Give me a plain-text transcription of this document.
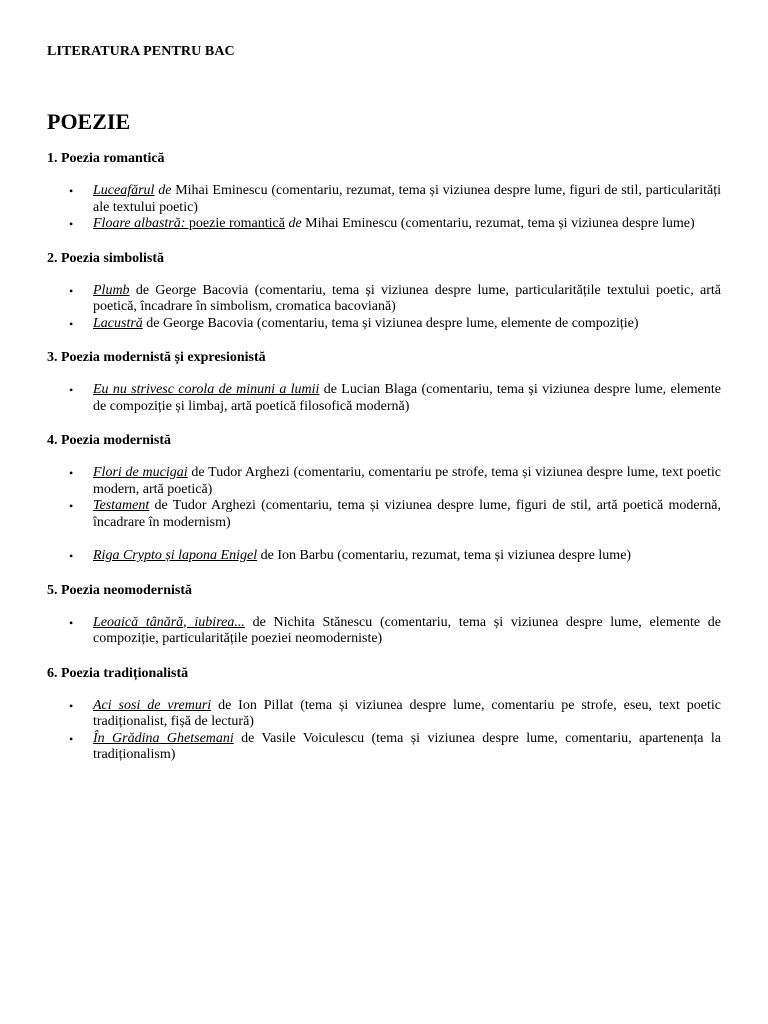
LITERATURA PENTRU BAC
POEZIE
1. Poezia romantică
• Luceafărul de Mihai Eminescu (comentariu, rezumat, tema și viziunea despre lume, figuri de stil, particularități ale textului poetic)
• Floare albastră: poezie romantică de Mihai Eminescu (comentariu, rezumat, tema și viziunea despre lume)
2. Poezia simbolistă
• Plumb de George Bacovia (comentariu, tema și viziunea despre lume, particularitățile textului poetic, artă poetică, încadrare în simbolism, cromatica bacoviană)
• Lacustră de George Bacovia (comentariu, tema și viziunea despre lume, elemente de compoziție)
3. Poezia modernistă și expresionistă
• Eu nu strivesc corola de minuni a lumii de Lucian Blaga (comentariu, tema și viziunea despre lume, elemente de compoziție și limbaj, artă poetică filosofică modernă)
4. Poezia modernistă
• Flori de mucigai de Tudor Arghezi (comentariu, comentariu pe strofe, tema și viziunea despre lume, text poetic modern, artă poetică)
• Testament de Tudor Arghezi (comentariu, tema și viziunea despre lume, figuri de stil, artă poetică modernă, încadrare în modernism)
• Riga Crypto și lapona Enigel de Ion Barbu (comentariu, rezumat, tema și viziunea despre lume)
5. Poezia neomodernistă
• Leoaică tânără, iubirea... de Nichita Stănescu (comentariu, tema și viziunea despre lume, elemente de compoziție, particularitățile poeziei neomoderniste)
6. Poezia tradiționalistă
• Aci sosi de vremuri de Ion Pillat (tema și viziunea despre lume, comentariu pe strofe, eseu, text poetic tradiționalist, fișă de lectură)
• În Grădina Ghetsemani de Vasile Voiculescu (tema și viziunea despre lume, comentariu, apartenența la tradiționalism)
